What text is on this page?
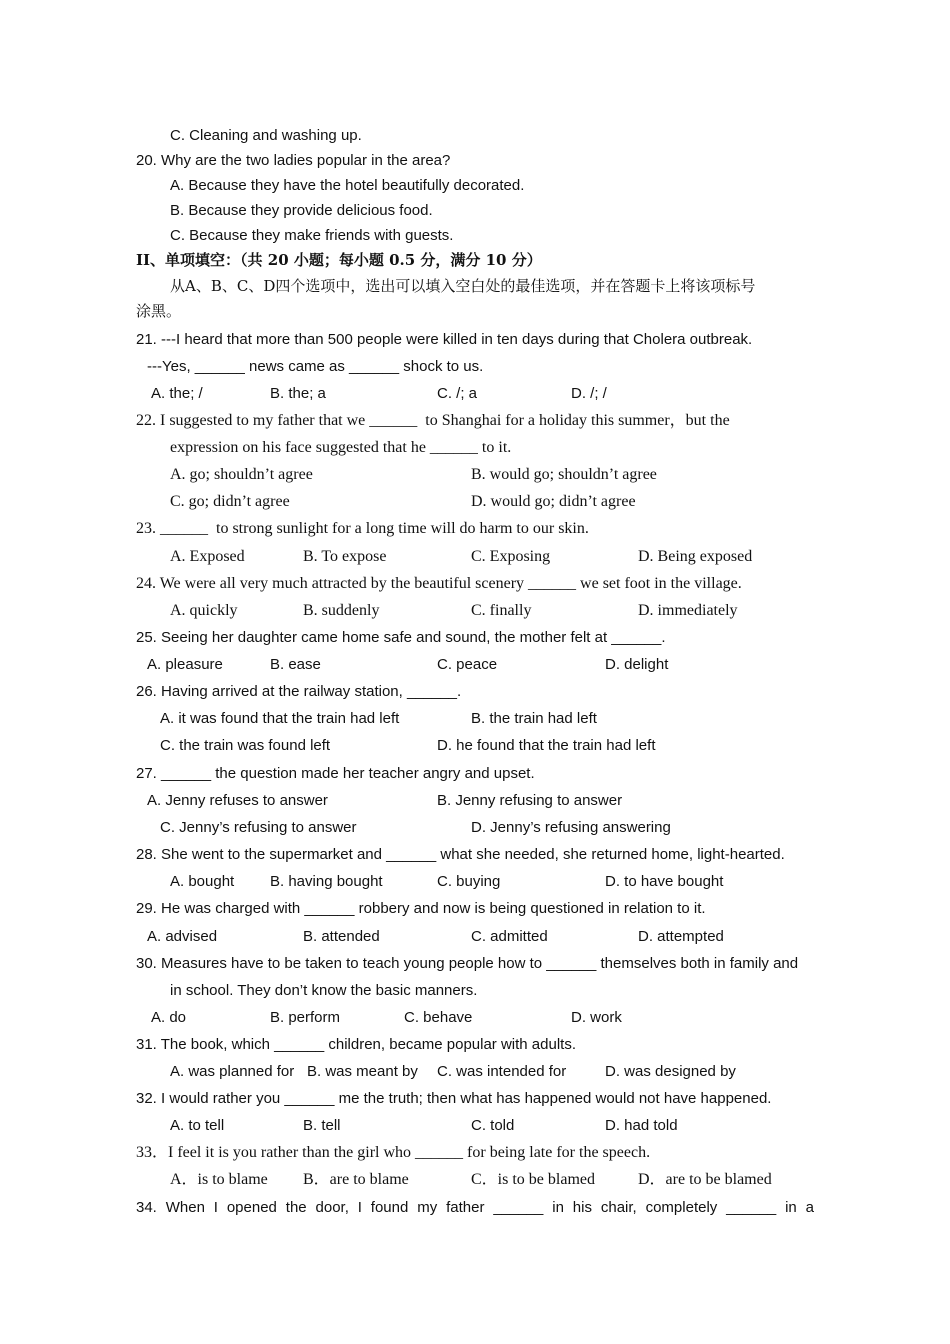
C. Cleaning and washing up.
20. Why are the two ladies popular in the area?
A. Because they have the hotel beautifully decorated.
B. Because they provide delicious food.
C. Because they make friends with guests.
II、单项填空：（共 20 小题；每小题 0.5 分，满分 10 分）
从A、B、C、D四个选项中，选出可以填入空白处的最佳选项，并在答题卡上将该项标号
涂黑。
21. ---I heard that more than 500 people were killed in ten days during that Cholera outbreak.
---Yes, ______ news came as ______ shock to us.
A. the; /	B. the; a	C. /; a	D. /; /
22. I suggested to my father that we ______  to Shanghai for a holiday this summer，but the
expression on his face suggested that he ______ to it.
A. go; shouldn’t agree	B. would go; shouldn’t agree
C. go; didn’t agree	D. would go; didn’t agree
23. ______  to strong sunlight for a long time will do harm to our skin.
A. Exposed	B. To expose	C. Exposing	D. Being exposed
24. We were all very much attracted by the beautiful scenery ______ we set foot in the village.
A. quickly	B. suddenly	C. finally	D. immediately
25. Seeing her daughter came home safe and sound, the mother felt at ______.
A. pleasure	B. ease	C. peace	D. delight
26. Having arrived at the railway station, ______.
A. it was found that the train had left	B. the train had left
C. the train was found left	D. he found that the train had left
27. ______ the question made her teacher angry and upset.
A. Jenny refuses to answer	B. Jenny refusing to answer
C. Jenny’s refusing to answer	D. Jenny’s refusing answering
28. She went to the supermarket and ______ what she needed, she returned home, light-hearted.
A. bought B. having bought	C. buying	D. to have bought
29. He was charged with ______ robbery and now is being questioned in relation to it.
A. advised	B. attended	C. admitted	D. attempted
30. Measures have to be taken to teach young people how to ______ themselves both in family and
in school. They don’t know the basic manners.
A. do	B. perform	C. behave	D. work
31. The book, which ______ children, became popular with adults.
A. was planned for B. was meant by C. was intended for	D. was designed by
32. I would rather you ______ me the truth; then what has happened would not have happened.
A. to tell	B. tell	C. told	D. had told
33．I feel it is you rather than the girl who ______ for being late for the speech.
A．is to blame B．are to blame	C．is to be blamed	D．are to be blamed
34. When I opened the door, I found my father ______ in his chair, completely ______ in a
